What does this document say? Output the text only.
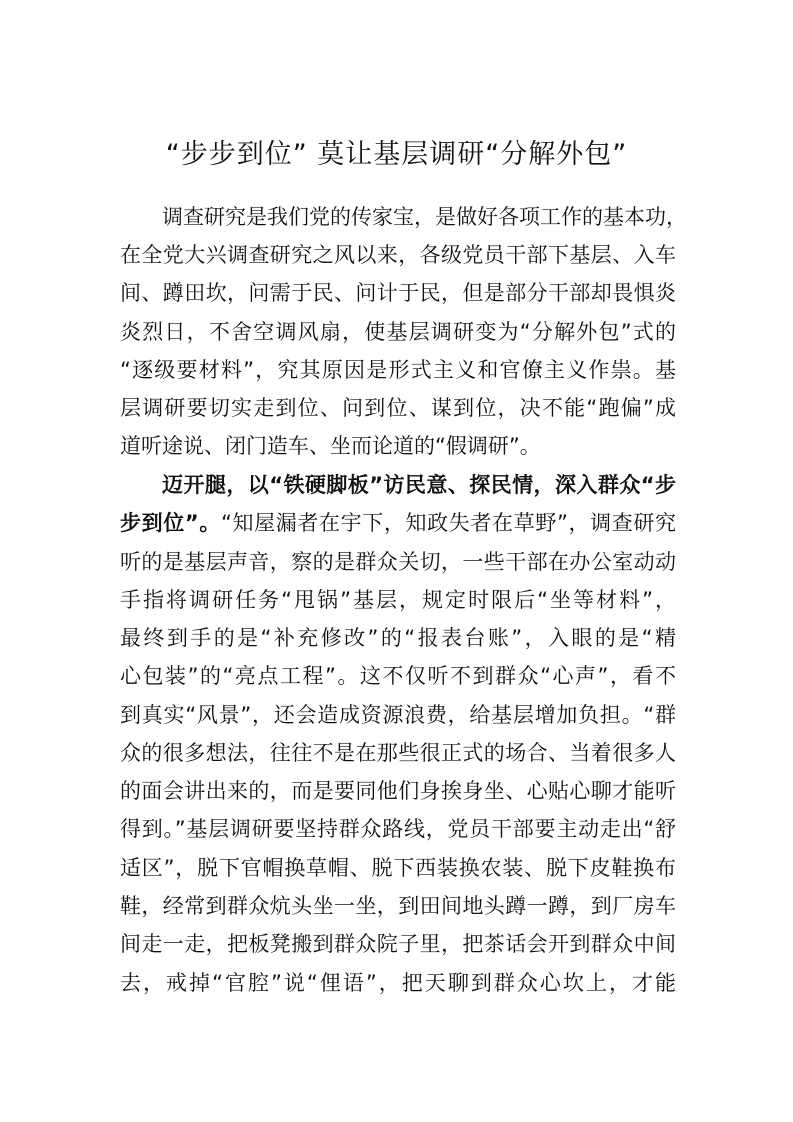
“步步到位” 莫让基层调研“分解外包”
调查研究是我们党的传家宝，是做好各项工作的基本功，
在全党大兴调查研究之风以来，各级党员干部下基层、入车
间、蹲田坎，问需于民、问计于民，但是部分干部却畏惧炎
炎烈日，不舍空调风扇，使基层调研变为“分解外包”式的
“逐级要材料”，究其原因是形式主义和官僚主义作祟。基
层调研要切实走到位、问到位、谋到位，决不能“跑偏”成
道听途说、闭门造车、坐而论道的“假调研”。
迈开腿，以“铁硬脚板”访民意、探民情，深入群众“步
步到位”。“知屋漏者在宇下，知政失者在草野”，调查研究
听的是基层声音，察的是群众关切，一些干部在办公室动动
手指将调研任务“甩锅”基层，规定时限后“坐等材料”，
最终到手的是“补充修改”的“报表台账”，入眼的是“精
心包装”的“亮点工程”。这不仅听不到群众“心声”，看不
到真实“风景”，还会造成资源浪费，给基层增加负担。“群
众的很多想法，往往不是在那些很正式的场合、当着很多人
的面会讲出来的，而是要同他们身挨身坐、心贴心聊才能听
得到。”基层调研要坚持群众路线，党员干部要主动走出“舒
适区”，脱下官帽换草帽、脱下西装换农装、脱下皮鞋换布
鞋，经常到群众炕头坐一坐，到田间地头蹲一蹲，到厂房车
间走一走，把板凳搬到群众院子里，把茶话会开到群众中间
去，戒掉“官腔”说“俚语”，把天聊到群众心坎上，才能
